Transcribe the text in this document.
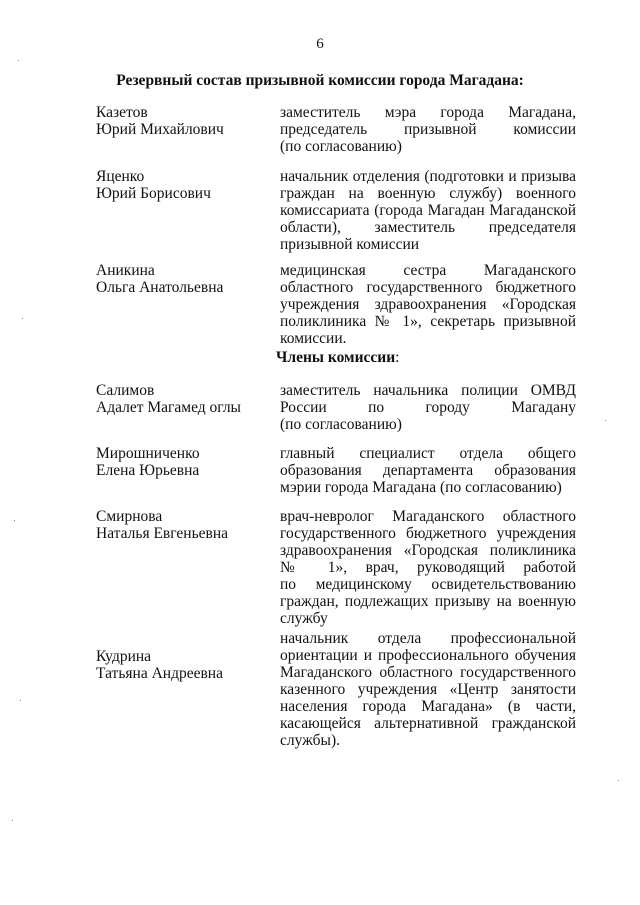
6
Резервный состав призывной комиссии города Магадана:
Казетов
Юрий Михайлович
заместитель мэра города Магадана,
председатель призывной комиссии
(по согласованию)
Яценко
Юрий Борисович
начальник отделения (подготовки и призыва
граждан на военную службу) военного
комиссариата (города Магадан Магаданской
области), заместитель председателя
призывной комиссии
Аникина
Ольга Анатольевна
медицинская сестра Магаданского
областного государственного бюджетного
учреждения здравоохранения «Городская
поликлиника № 1», секретарь призывной
комиссии.
Члены комиссии:
Салимов
Адалет Магамед оглы
заместитель начальника полиции ОМВД
России по городу Магадану
(по согласованию)
Мирошниченко
Елена Юрьевна
главный специалист отдела общего
образования департамента образования
мэрии города Магадана (по согласованию)
Смирнова
Наталья Евгеньевна
врач-невролог Магаданского областного
государственного бюджетного учреждения
здравоохранения «Городская поликлиника
№ 1», врач, руководящий работой
по медицинскому освидетельствованию
граждан, подлежащих призыву на военную
службу
Кудрина
Татьяна Андреевна
начальник отдела профессиональной
ориентации и профессионального обучения
Магаданского областного государственного
казенного учреждения «Центр занятости
населения города Магадана» (в части,
касающейся альтернативной гражданской
службы).
